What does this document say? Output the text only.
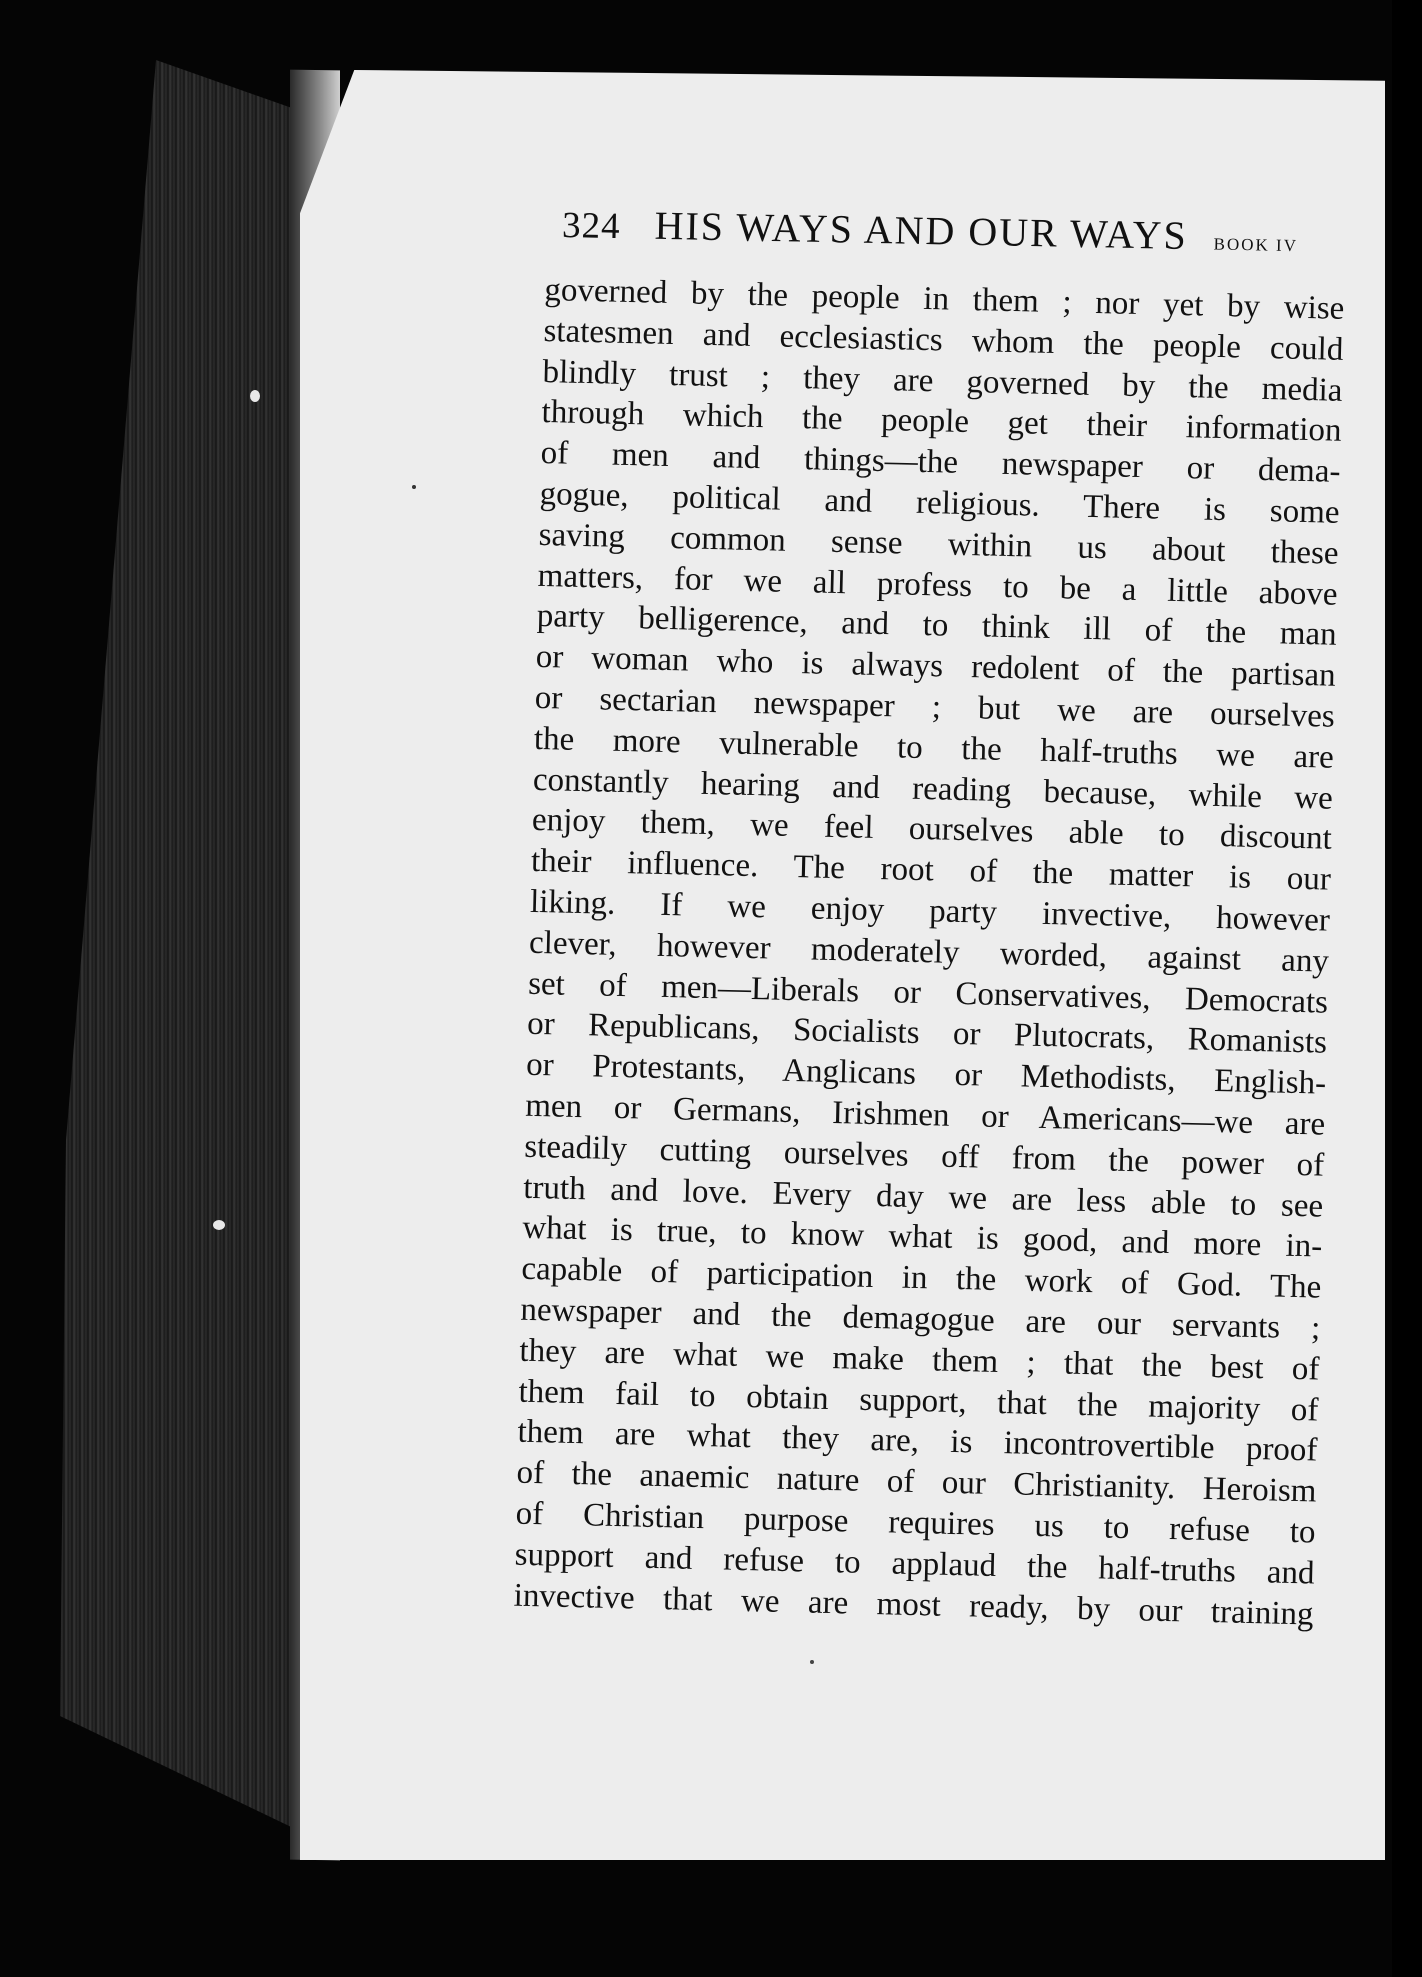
324 HIS WAYS AND OUR WAYS BOOK IV
governed by the people in them ; nor yet by wise
statesmen and ecclesiastics whom the people could
blindly trust ; they are governed by the media
through which the people get their information
of men and things—the newspaper or dema-
gogue, political and religious. There is some
saving common sense within us about these
matters, for we all profess to be a little above
party belligerence, and to think ill of the man
or woman who is always redolent of the partisan
or sectarian newspaper ; but we are ourselves
the more vulnerable to the half-truths we are
constantly hearing and reading because, while we
enjoy them, we feel ourselves able to discount
their influence. The root of the matter is our
liking. If we enjoy party invective, however
clever, however moderately worded, against any
set of men—Liberals or Conservatives, Democrats
or Republicans, Socialists or Plutocrats, Romanists
or Protestants, Anglicans or Methodists, English-
men or Germans, Irishmen or Americans—we are
steadily cutting ourselves off from the power of
truth and love. Every day we are less able to see
what is true, to know what is good, and more in-
capable of participation in the work of God. The
newspaper and the demagogue are our servants ;
they are what we make them ; that the best of
them fail to obtain support, that the majority of
them are what they are, is incontrovertible proof
of the anaemic nature of our Christianity. Heroism
of Christian purpose requires us to refuse to
support and refuse to applaud the half-truths and
invective that we are most ready, by our training
